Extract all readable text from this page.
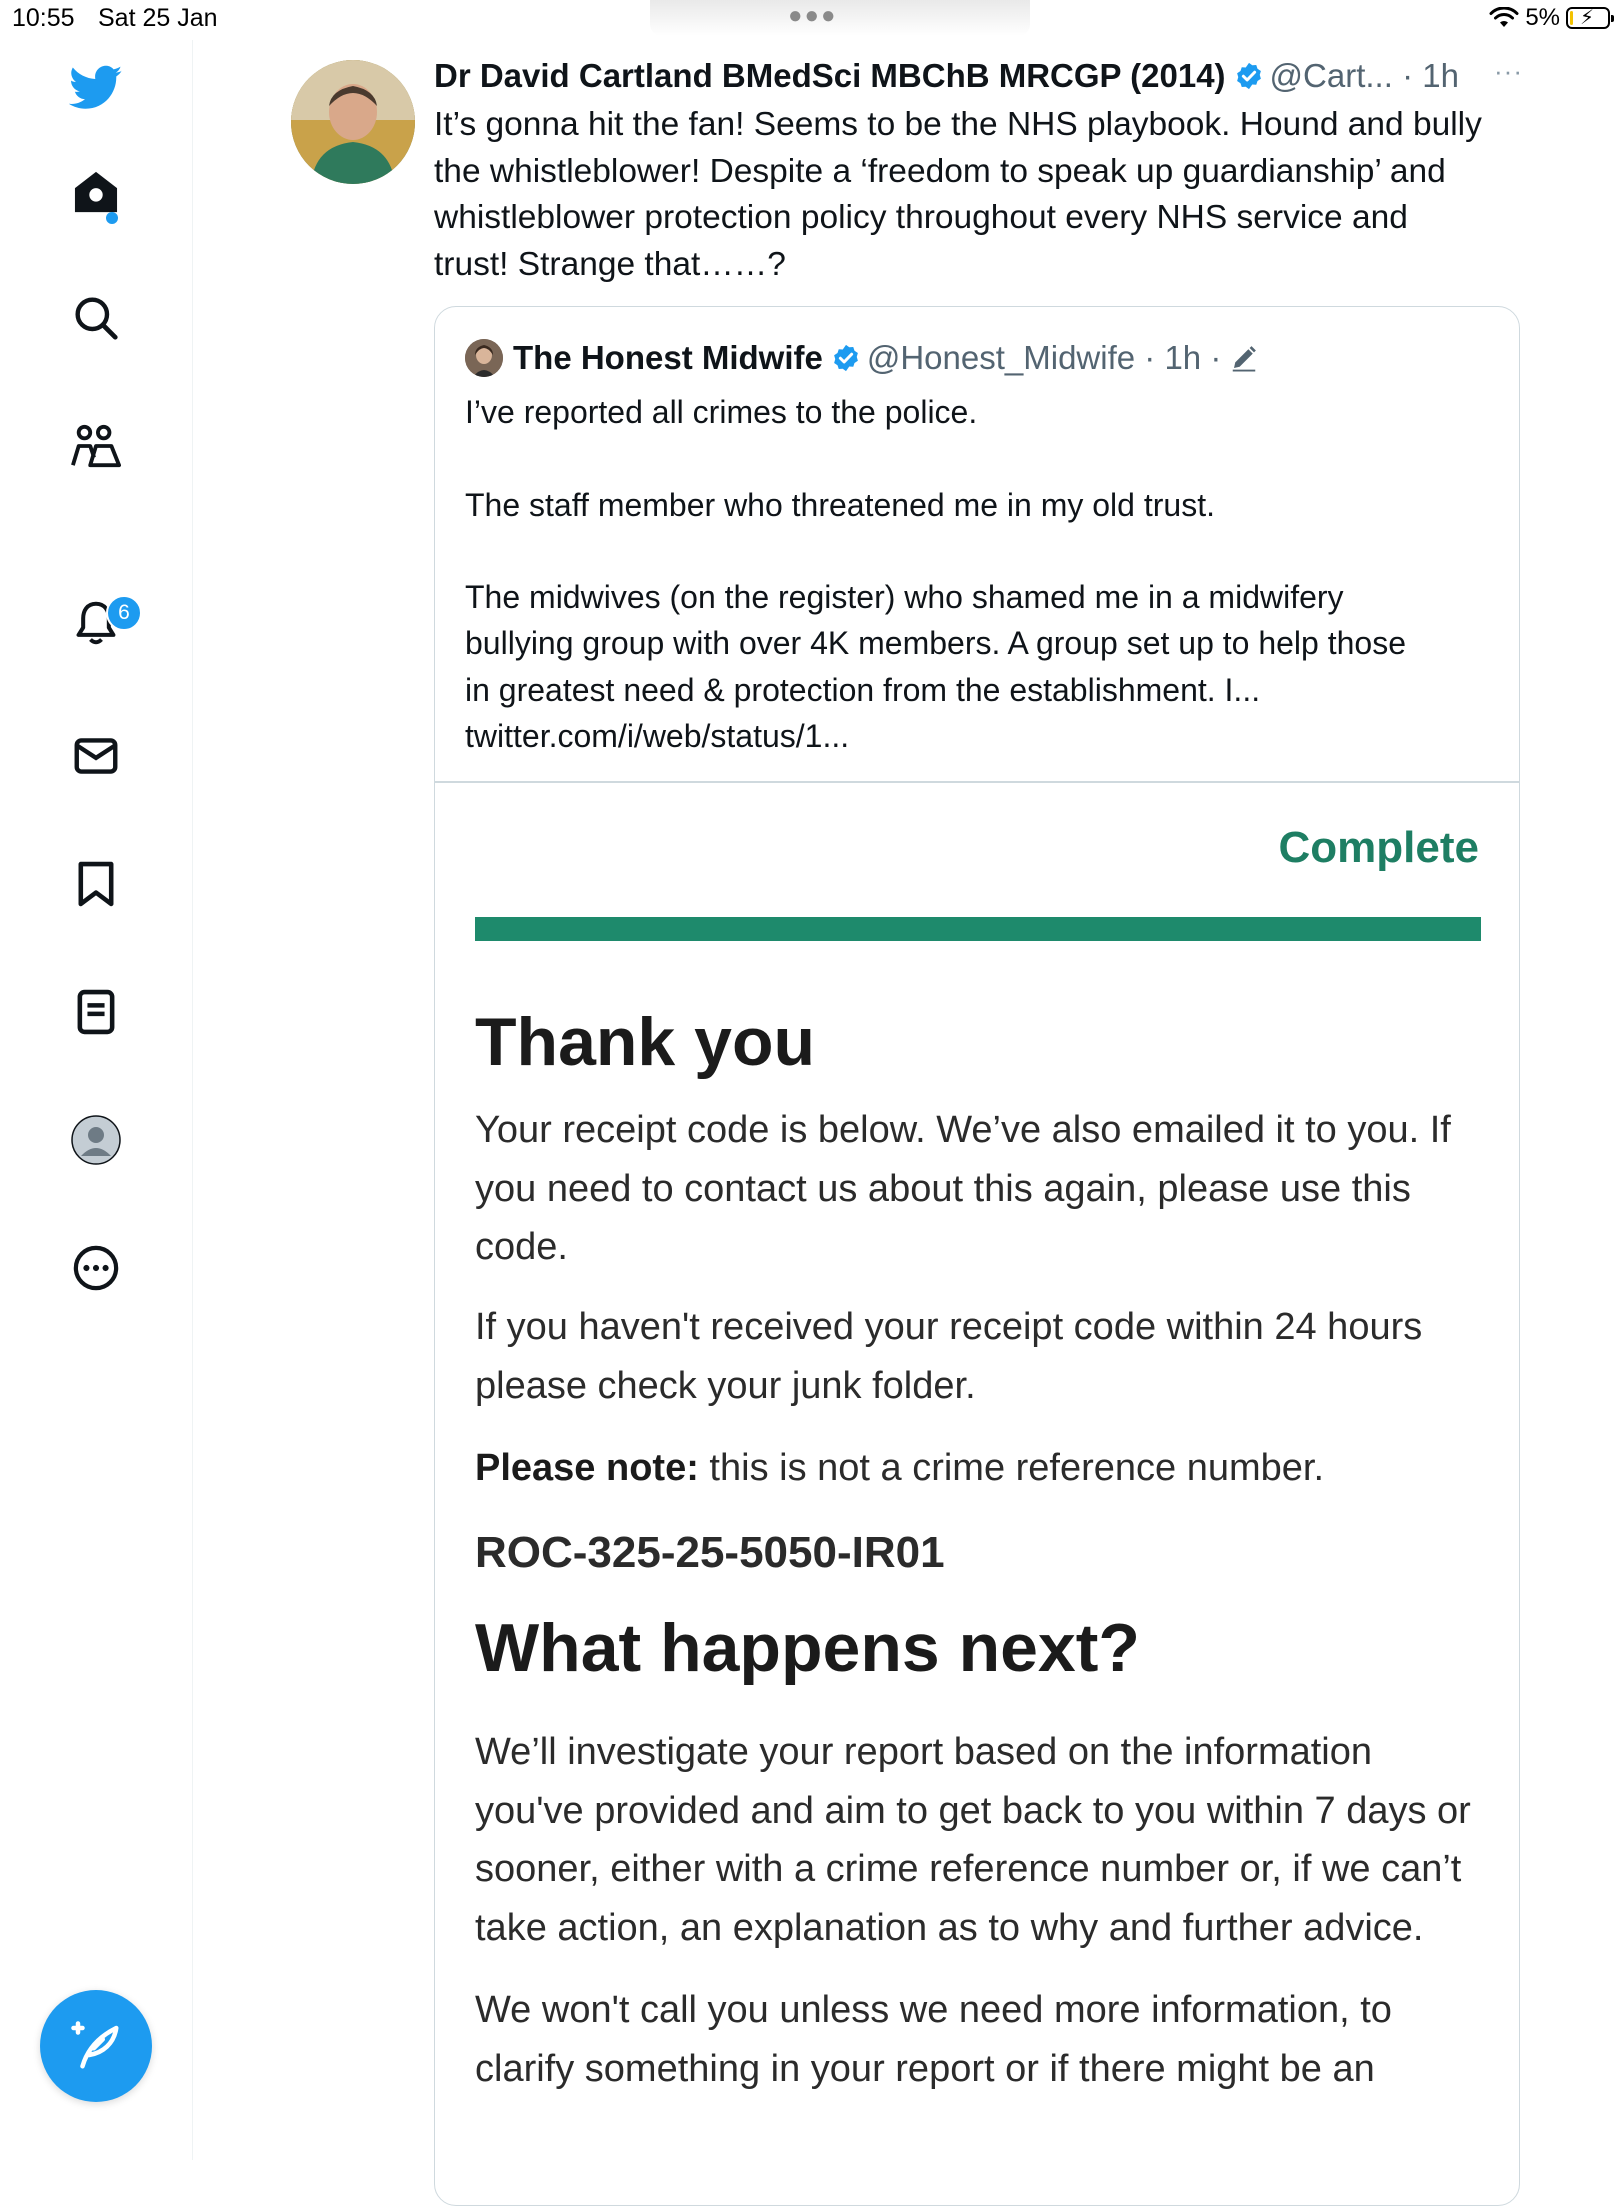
10:55 Sat 25 Jan	●●●	5% ⚡
6
Dr David Cartland BMedSci MBChB MRCGP (2014) @Cart... · 1h ···
It’s gonna hit the fan! Seems to be the NHS playbook. Hound and bully
the whistleblower! Despite a ‘freedom to speak up guardianship’ and
whistleblower protection policy throughout every NHS service and
trust! Strange that……?
The Honest Midwife @Honest_Midwife · 1h ·
I’ve reported all crimes to the police.

The staff member who threatened me in my old trust.

The midwives (on the register) who shamed me in a midwifery
bullying group with over 4K members. A group set up to help those
in greatest need & protection from the establishment. I...
twitter.com/i/web/status/1...
Complete
Thank you
Your receipt code is below. We’ve also emailed it to you. If you need to contact us about this again, please use this code.
If you haven't received your receipt code within 24 hours please check your junk folder.
Please note: this is not a crime reference number.
ROC-325-25-5050-IR01
What happens next?
We’ll investigate your report based on the information you've provided and aim to get back to you within 7 days or sooner, either with a crime reference number or, if we can’t take action, an explanation as to why and further advice.
We won't call you unless we need more information, to clarify something in your report or if there might be an
